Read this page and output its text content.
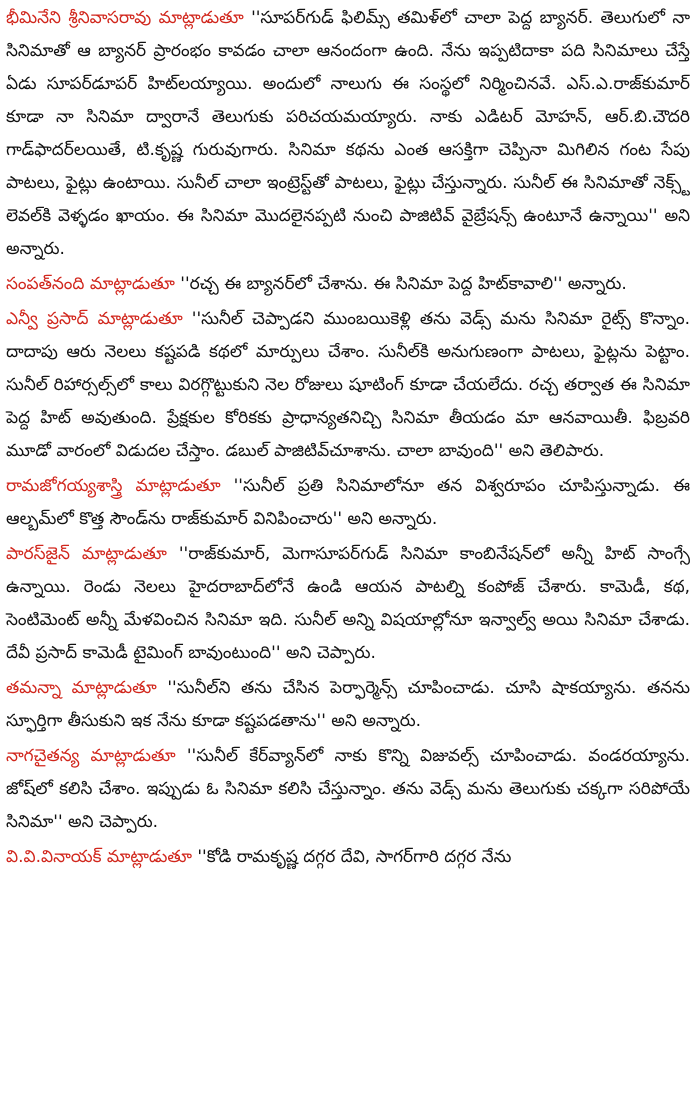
భీమినేని శ్రీనివాసరావు మాట్లాడుతూ ''సూపర్‌గుడ్‌ ఫిలిమ్స్‌ తమిళ్‌లో చాలా పెద్ద బ్యానర్‌. తెలుగులో నా సినిమాతో ఆ బ్యానర్‌ ప్రారంభం కావడం చాలా ఆనందంగా ఉంది. నేను ఇప్పటిదాకా పది సినిమాలు చేస్తే ఏడు సూపర్‌డూపర్‌ హిట్‌లయ్యాయి. అందులో నాలుగు ఈ సంస్థలో నిర్మించినవే. ఎస్‌.ఎ.రాజ్‌కుమార్‌ కూడా నా సినిమా ద్వారానే తెలుగుకు పరిచయమయ్యారు. నాకు ఎడిటర్‌ మోహన్‌, ఆర్‌.బి.చౌదరి గాడ్‌ఫాదర్‌లయితే, టి.కృష్ణ గురువుగారు. సినిమా కథను ఎంత ఆసక్తిగా చెప్పినా మిగిలిన గంట సేపు పాటలు, ఫైట్లు ఉంటాయి. సునీల్‌ చాలా ఇంట్రెస్ట్‌తో పాటలు, ఫైట్లు చేస్తున్నారు. సునీల్‌ ఈ సినిమాతో నెక్స్ట్‌ లెవల్‌కి వెళ్ళడం ఖాయం. ఈ సినిమా మొదలైనప్పటి నుంచి పాజిటివ్‌ వైబ్రేషన్స్‌ ఉంటూనే ఉన్నాయి'' అని అన్నారు.

సంపత్‌నంది మాట్లాడుతూ ''రచ్చ ఈ బ్యానర్‌లో చేశాను. ఈ సినిమా పెద్ద హిట్‌కావాలి'' అన్నారు.

ఎన్వీ ప్రసాద్‌ మాట్లాడుతూ ''సునీల్‌ చెప్పాడని ముంబయికెళ్లి తను వెడ్స్‌ మను సినిమా రైట్స్‌ కొన్నాం. దాదాపు ఆరు నెలలు కష్టపడి కథలో మార్పులు చేశాం. సునీల్‌కి అనుగుణంగా పాటలు, ఫైట్లను పెట్టాం. సునీల్‌ రిహార్సల్స్‌లో కాలు విరగ్గొట్టుకుని నెల రోజులు షూటింగ్‌ కూడా చేయలేదు. రచ్చ తర్వాత ఈ సినిమా పెద్ద హిట్‌ అవుతుంది. ప్రేక్షకుల కోరికకు ప్రాధాన్యతనిచ్చి సినిమా తీయడం మా ఆనవాయితీ. ఫిబ్రవరి మూడో వారంలో విడుదల చేస్తాం. డబుల్‌ పాజిటివ్‌చూశాను. చాలా బావుంది'' అని తెలిపారు.

రామజోగయ్యశాస్త్రి మాట్లాడుతూ ''సునీల్‌ ప్రతి సినిమాలోనూ తన విశ్వరూపం చూపిస్తున్నాడు. ఈ ఆల్బమ్‌లో కొత్త సౌండ్‌ను రాజ్‌కుమార్‌ వినిపించారు'' అని అన్నారు.

పారస్‌జైన్‌ మాట్లాడుతూ ''రాజ్‌కుమార్‌, మెగాసూపర్‌గుడ్‌ సినిమా కాంబినేషన్‌లో అన్నీ హిట్‌ సాంగ్సే ఉన్నాయి. రెండు నెలలు హైదరాబాద్‌లోనే ఉండి ఆయన పాటల్ని కంపోజ్‌ చేశారు. కామెడీ, కథ, సెంటిమెంట్‌ అన్నీ మేళవించిన సినిమా ఇది. సునీల్‌ అన్ని విషయాల్లోనూ ఇన్వాల్వ్‌ అయి సినిమా చేశాడు. దేవీ ప్రసాద్‌ కామెడీ టైమింగ్‌ బావుంటుంది'' అని చెప్పారు.

తమన్నా మాట్లాడుతూ ''సునీల్‌ని తను చేసిన పెర్ఫార్మెన్స్‌ చూపించాడు. చూసి షాకయ్యాను. తనను స్ఫూర్తిగా తీసుకుని ఇక నేను కూడా కష్టపడతాను'' అని అన్నారు.

నాగచైతన్య మాట్లాడుతూ ''సునీల్‌ కేర్‌వ్యాన్‌లో నాకు కొన్ని విజువల్స్‌ చూపించాడు. వండరయ్యాను. జోష్‌లో కలిసి చేశాం. ఇప్పుడు ఓ సినిమా కలిసి చేస్తున్నాం. తను వెడ్స్‌ మను తెలుగుకు చక్కగా సరిపోయే సినిమా'' అని చెప్పారు.

వి.వి.వినాయక్‌ మాట్లాడుతూ ''కోడి రామకృష్ణ దగ్గర దేవి, సాగర్‌గారి దగ్గర నేను
